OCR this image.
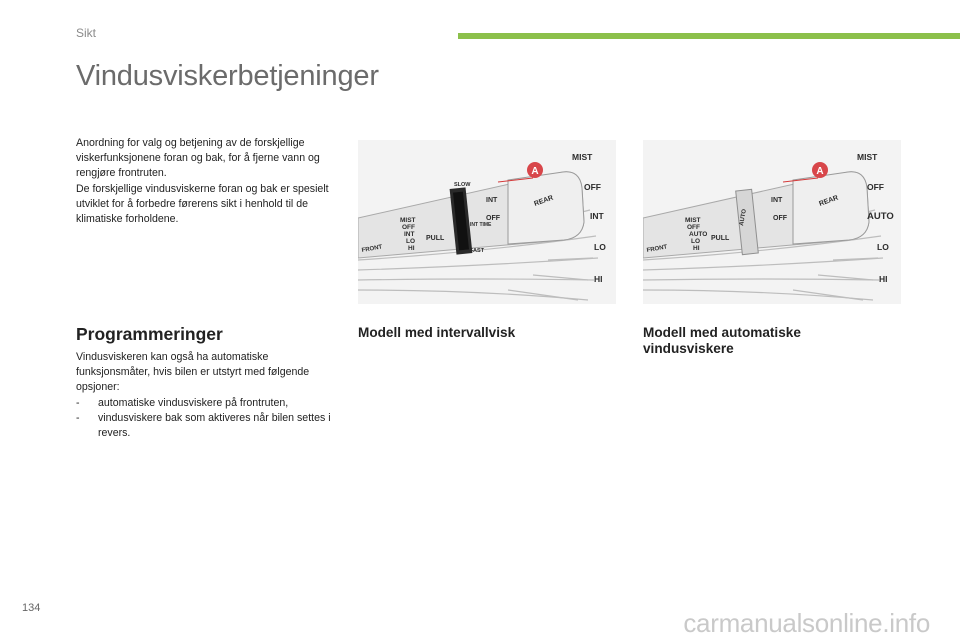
Sikt
Vindusviskerbetjeninger

Anordning for valg og betjening av de forskjellige viskerfunksjonene foran og bak, for å fjerne vann og rengjøre frontruten.

De forskjellige vindusviskerne foran og bak er spesielt utviklet for å forbedre førerens sikt i henhold til de klimatiske forholdene.

A
REAR
INT
OFF
SLOW
INT TIME
FAST
MIST
OFF
INT
LO
HI
FRONT
PULL
MIST
OFF
INT
LO
HI
A
REAR
INT
OFF
AUTO
MIST
OFF
AUTO
LO
HI
FRONT
PULL
MIST
OFF
AUTO
LO
HI
Programmeringer	Modell med intervallvisk	Modell med automatiske vindusviskere

Vindusviskeren kan også ha automatiske funksjonsmåter, hvis bilen er utstyrt med følgende opsjoner:

- automatiske vindusviskere på frontruten,
- vindusviskere bak som aktiveres når bilen settes i revers.
134	carmanualsonline.info
